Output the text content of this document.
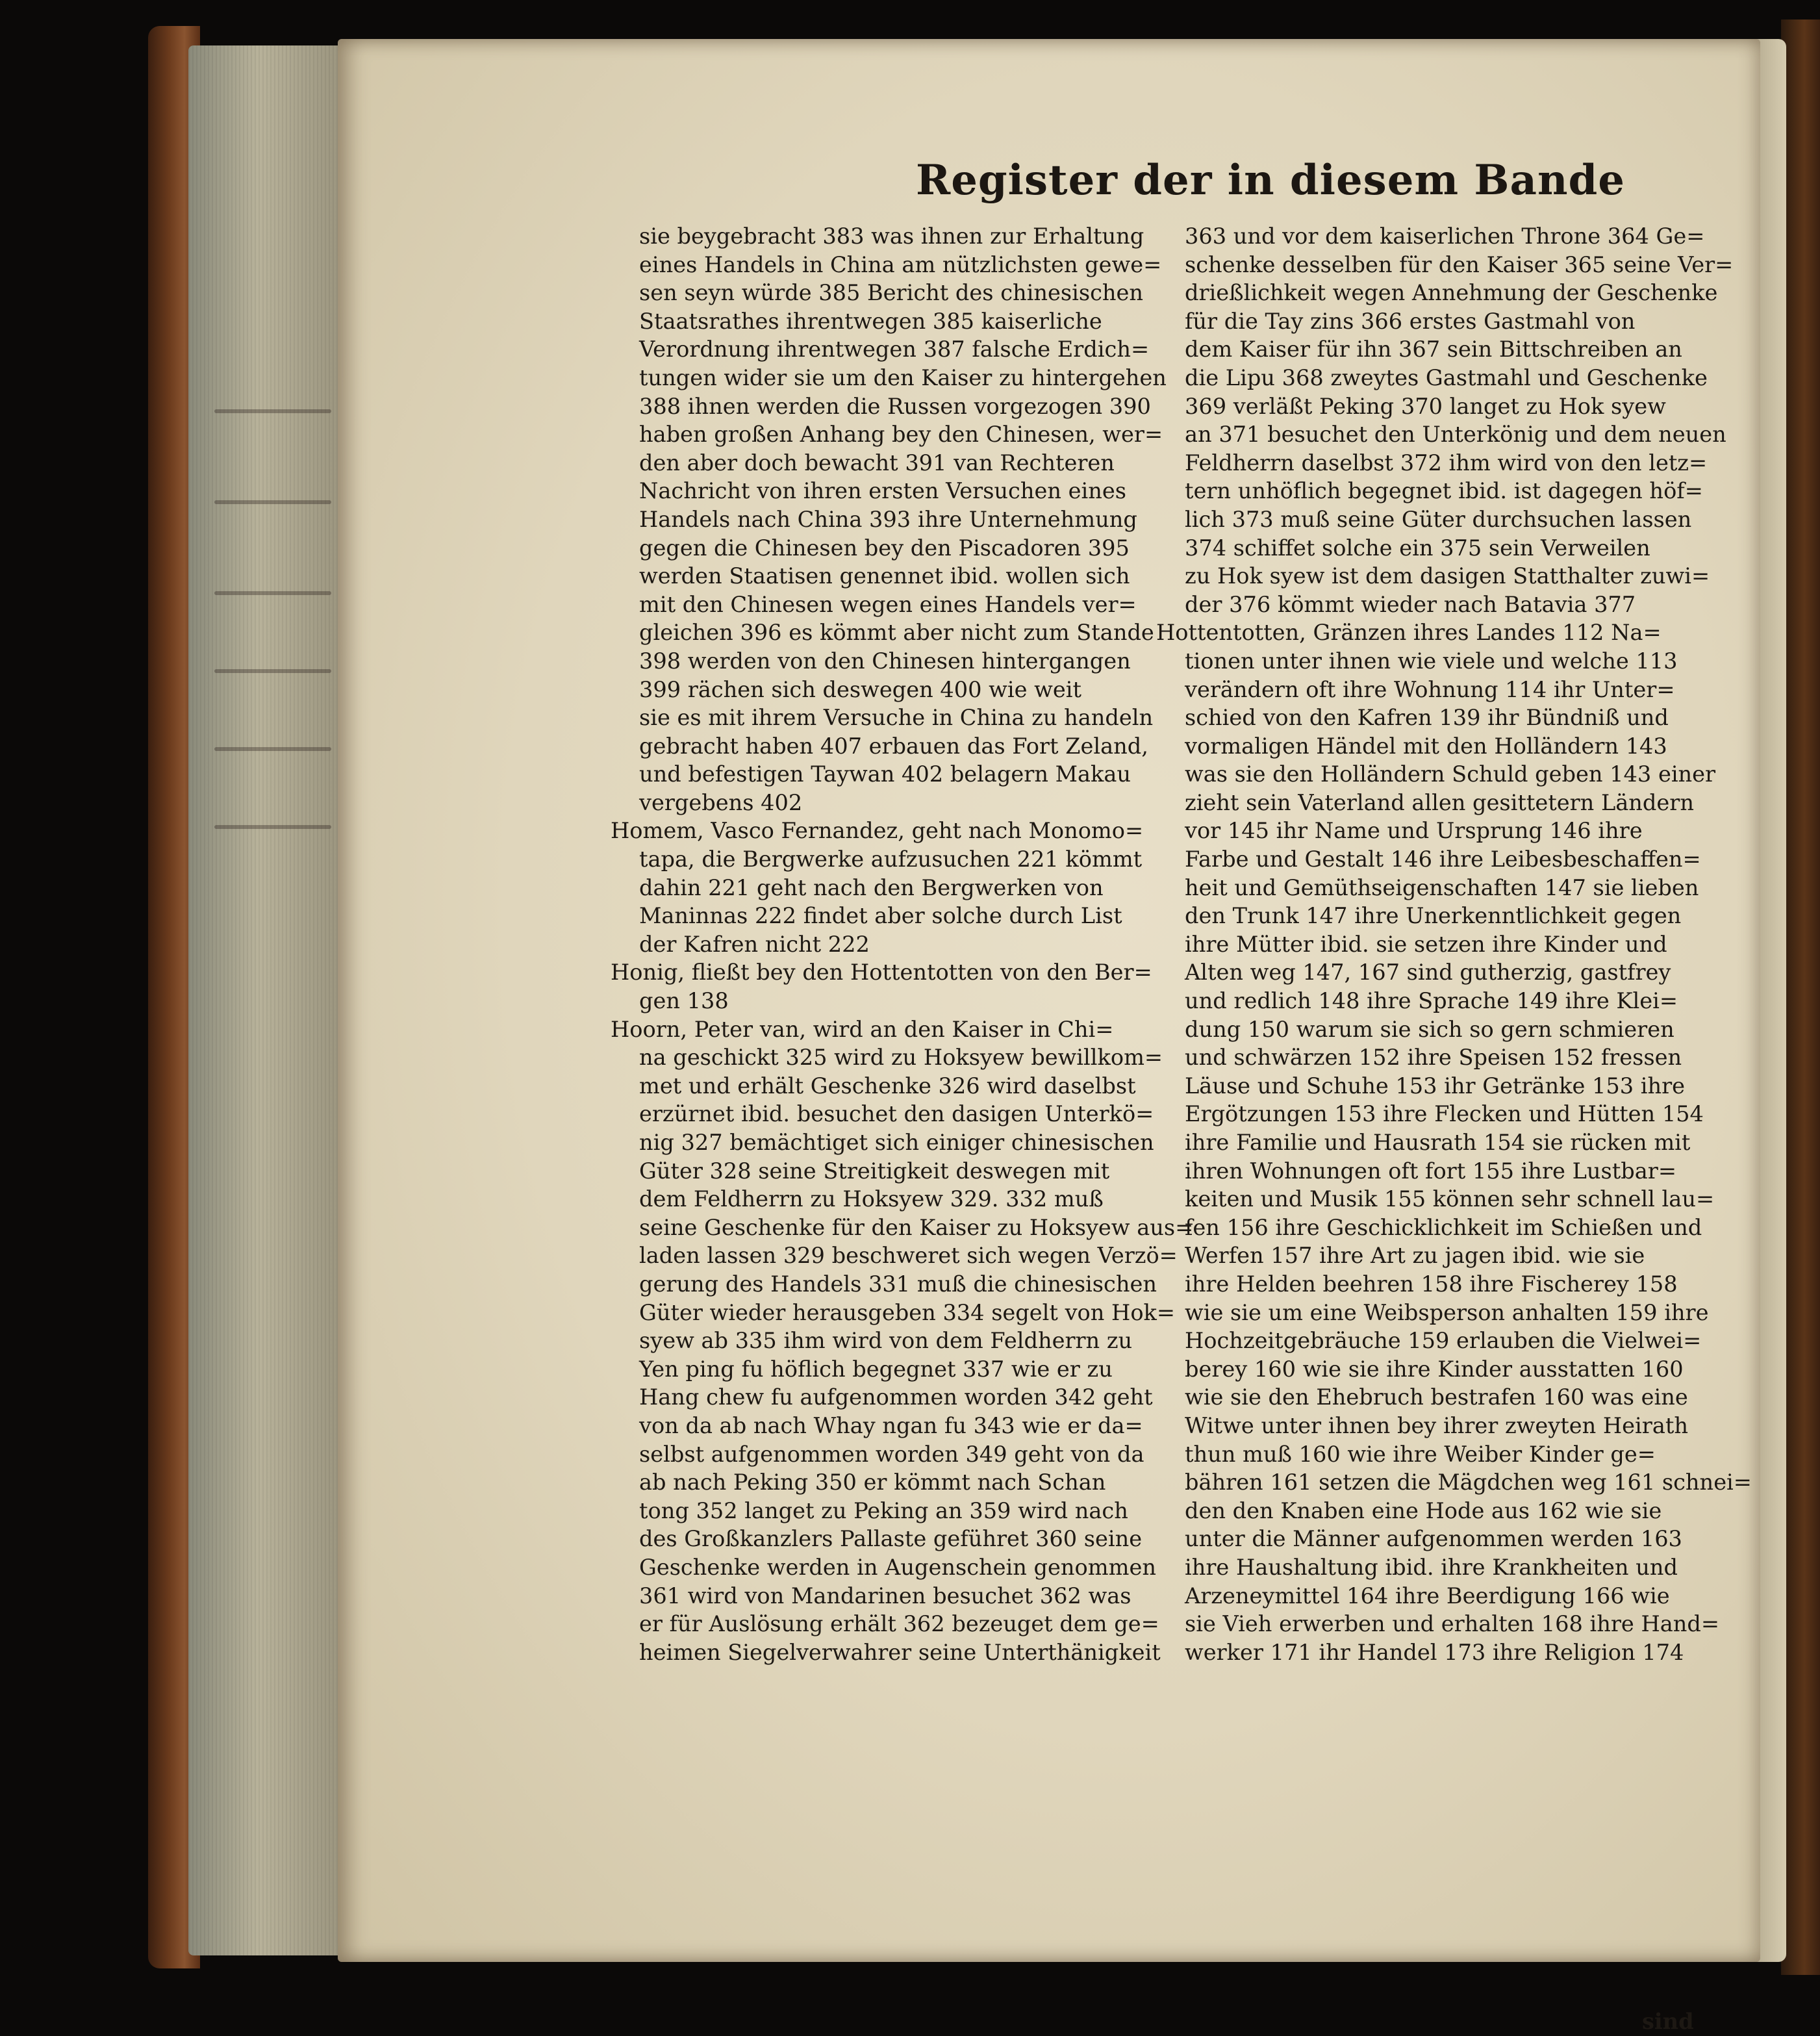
Register der in diesem Bande
sie beygebracht 383 was ihnen zur Erhaltung
eines Handels in China am nützlichsten gewe=
sen seyn würde 385 Bericht des chinesischen
Staatsrathes ihrentwegen 385 kaiserliche
Verordnung ihrentwegen 387 falsche Erdich=
tungen wider sie um den Kaiser zu hintergehen
388 ihnen werden die Russen vorgezogen 390
haben großen Anhang bey den Chinesen, wer=
den aber doch bewacht 391 van Rechteren
Nachricht von ihren ersten Versuchen eines
Handels nach China 393 ihre Unternehmung
gegen die Chinesen bey den Piscadoren 395
werden Staatisen genennet ibid. wollen sich
mit den Chinesen wegen eines Handels ver=
gleichen 396 es kömmt aber nicht zum Stande
398 werden von den Chinesen hintergangen
399 rächen sich deswegen 400 wie weit
sie es mit ihrem Versuche in China zu handeln
gebracht haben 407 erbauen das Fort Zeland,
und befestigen Taywan 402 belagern Makau
vergebens 402
Homem, Vasco Fernandez, geht nach Monomo=
tapa, die Bergwerke aufzusuchen 221 kömmt
dahin 221 geht nach den Bergwerken von
Maninnas 222 findet aber solche durch List
der Kafren nicht 222
Honig, fließt bey den Hottentotten von den Ber=
gen 138
Hoorn, Peter van, wird an den Kaiser in Chi=
na geschickt 325 wird zu Hoksyew bewillkom=
met und erhält Geschenke 326 wird daselbst
erzürnet ibid. besuchet den dasigen Unterkö=
nig 327 bemächtiget sich einiger chinesischen
Güter 328 seine Streitigkeit deswegen mit
dem Feldherrn zu Hoksyew 329. 332 muß
seine Geschenke für den Kaiser zu Hoksyew aus=
laden lassen 329 beschweret sich wegen Verzö=
gerung des Handels 331 muß die chinesischen
Güter wieder herausgeben 334 segelt von Hok=
syew ab 335 ihm wird von dem Feldherrn zu
Yen ping fu höflich begegnet 337 wie er zu
Hang chew fu aufgenommen worden 342 geht
von da ab nach Whay ngan fu 343 wie er da=
selbst aufgenommen worden 349 geht von da
ab nach Peking 350 er kömmt nach Schan
tong 352 langet zu Peking an 359 wird nach
des Großkanzlers Pallaste geführet 360 seine
Geschenke werden in Augenschein genommen
361 wird von Mandarinen besuchet 362 was
er für Auslösung erhält 362 bezeuget dem ge=
heimen Siegelverwahrer seine Unterthänigkeit
363 und vor dem kaiserlichen Throne 364 Ge=
schenke desselben für den Kaiser 365 seine Ver=
drießlichkeit wegen Annehmung der Geschenke
für die Tay zins 366 erstes Gastmahl von
dem Kaiser für ihn 367 sein Bittschreiben an
die Lipu 368 zweytes Gastmahl und Geschenke
369 verläßt Peking 370 langet zu Hok syew
an 371 besuchet den Unterkönig und dem neuen
Feldherrn daselbst 372 ihm wird von den letz=
tern unhöflich begegnet ibid. ist dagegen höf=
lich 373 muß seine Güter durchsuchen lassen
374 schiffet solche ein 375 sein Verweilen
zu Hok syew ist dem dasigen Statthalter zuwi=
der 376 kömmt wieder nach Batavia 377
Hottentotten, Gränzen ihres Landes 112 Na=
tionen unter ihnen wie viele und welche 113
verändern oft ihre Wohnung 114 ihr Unter=
schied von den Kafren 139 ihr Bündniß und
vormaligen Händel mit den Holländern 143
was sie den Holländern Schuld geben 143 einer
zieht sein Vaterland allen gesittetern Ländern
vor 145 ihr Name und Ursprung 146 ihre
Farbe und Gestalt 146 ihre Leibesbeschaffen=
heit und Gemüthseigenschaften 147 sie lieben
den Trunk 147 ihre Unerkenntlichkeit gegen
ihre Mütter ibid. sie setzen ihre Kinder und
Alten weg 147, 167 sind gutherzig, gastfrey
und redlich 148 ihre Sprache 149 ihre Klei=
dung 150 warum sie sich so gern schmieren
und schwärzen 152 ihre Speisen 152 fressen
Läuse und Schuhe 153 ihr Getränke 153 ihre
Ergötzungen 153 ihre Flecken und Hütten 154
ihre Familie und Hausrath 154 sie rücken mit
ihren Wohnungen oft fort 155 ihre Lustbar=
keiten und Musik 155 können sehr schnell lau=
fen 156 ihre Geschicklichkeit im Schießen und
Werfen 157 ihre Art zu jagen ibid. wie sie
ihre Helden beehren 158 ihre Fischerey 158
wie sie um eine Weibsperson anhalten 159 ihre
Hochzeitgebräuche 159 erlauben die Vielwei=
berey 160 wie sie ihre Kinder ausstatten 160
wie sie den Ehebruch bestrafen 160 was eine
Witwe unter ihnen bey ihrer zweyten Heirath
thun muß 160 wie ihre Weiber Kinder ge=
bähren 161 setzen die Mägdchen weg 161 schnei=
den den Knaben eine Hode aus 162 wie sie
unter die Männer aufgenommen werden 163
ihre Haushaltung ibid. ihre Krankheiten und
Arzeneymittel 164 ihre Beerdigung 166 wie
sie Vieh erwerben und erhalten 168 ihre Hand=
werker 171 ihr Handel 173 ihre Religion 174
sind
